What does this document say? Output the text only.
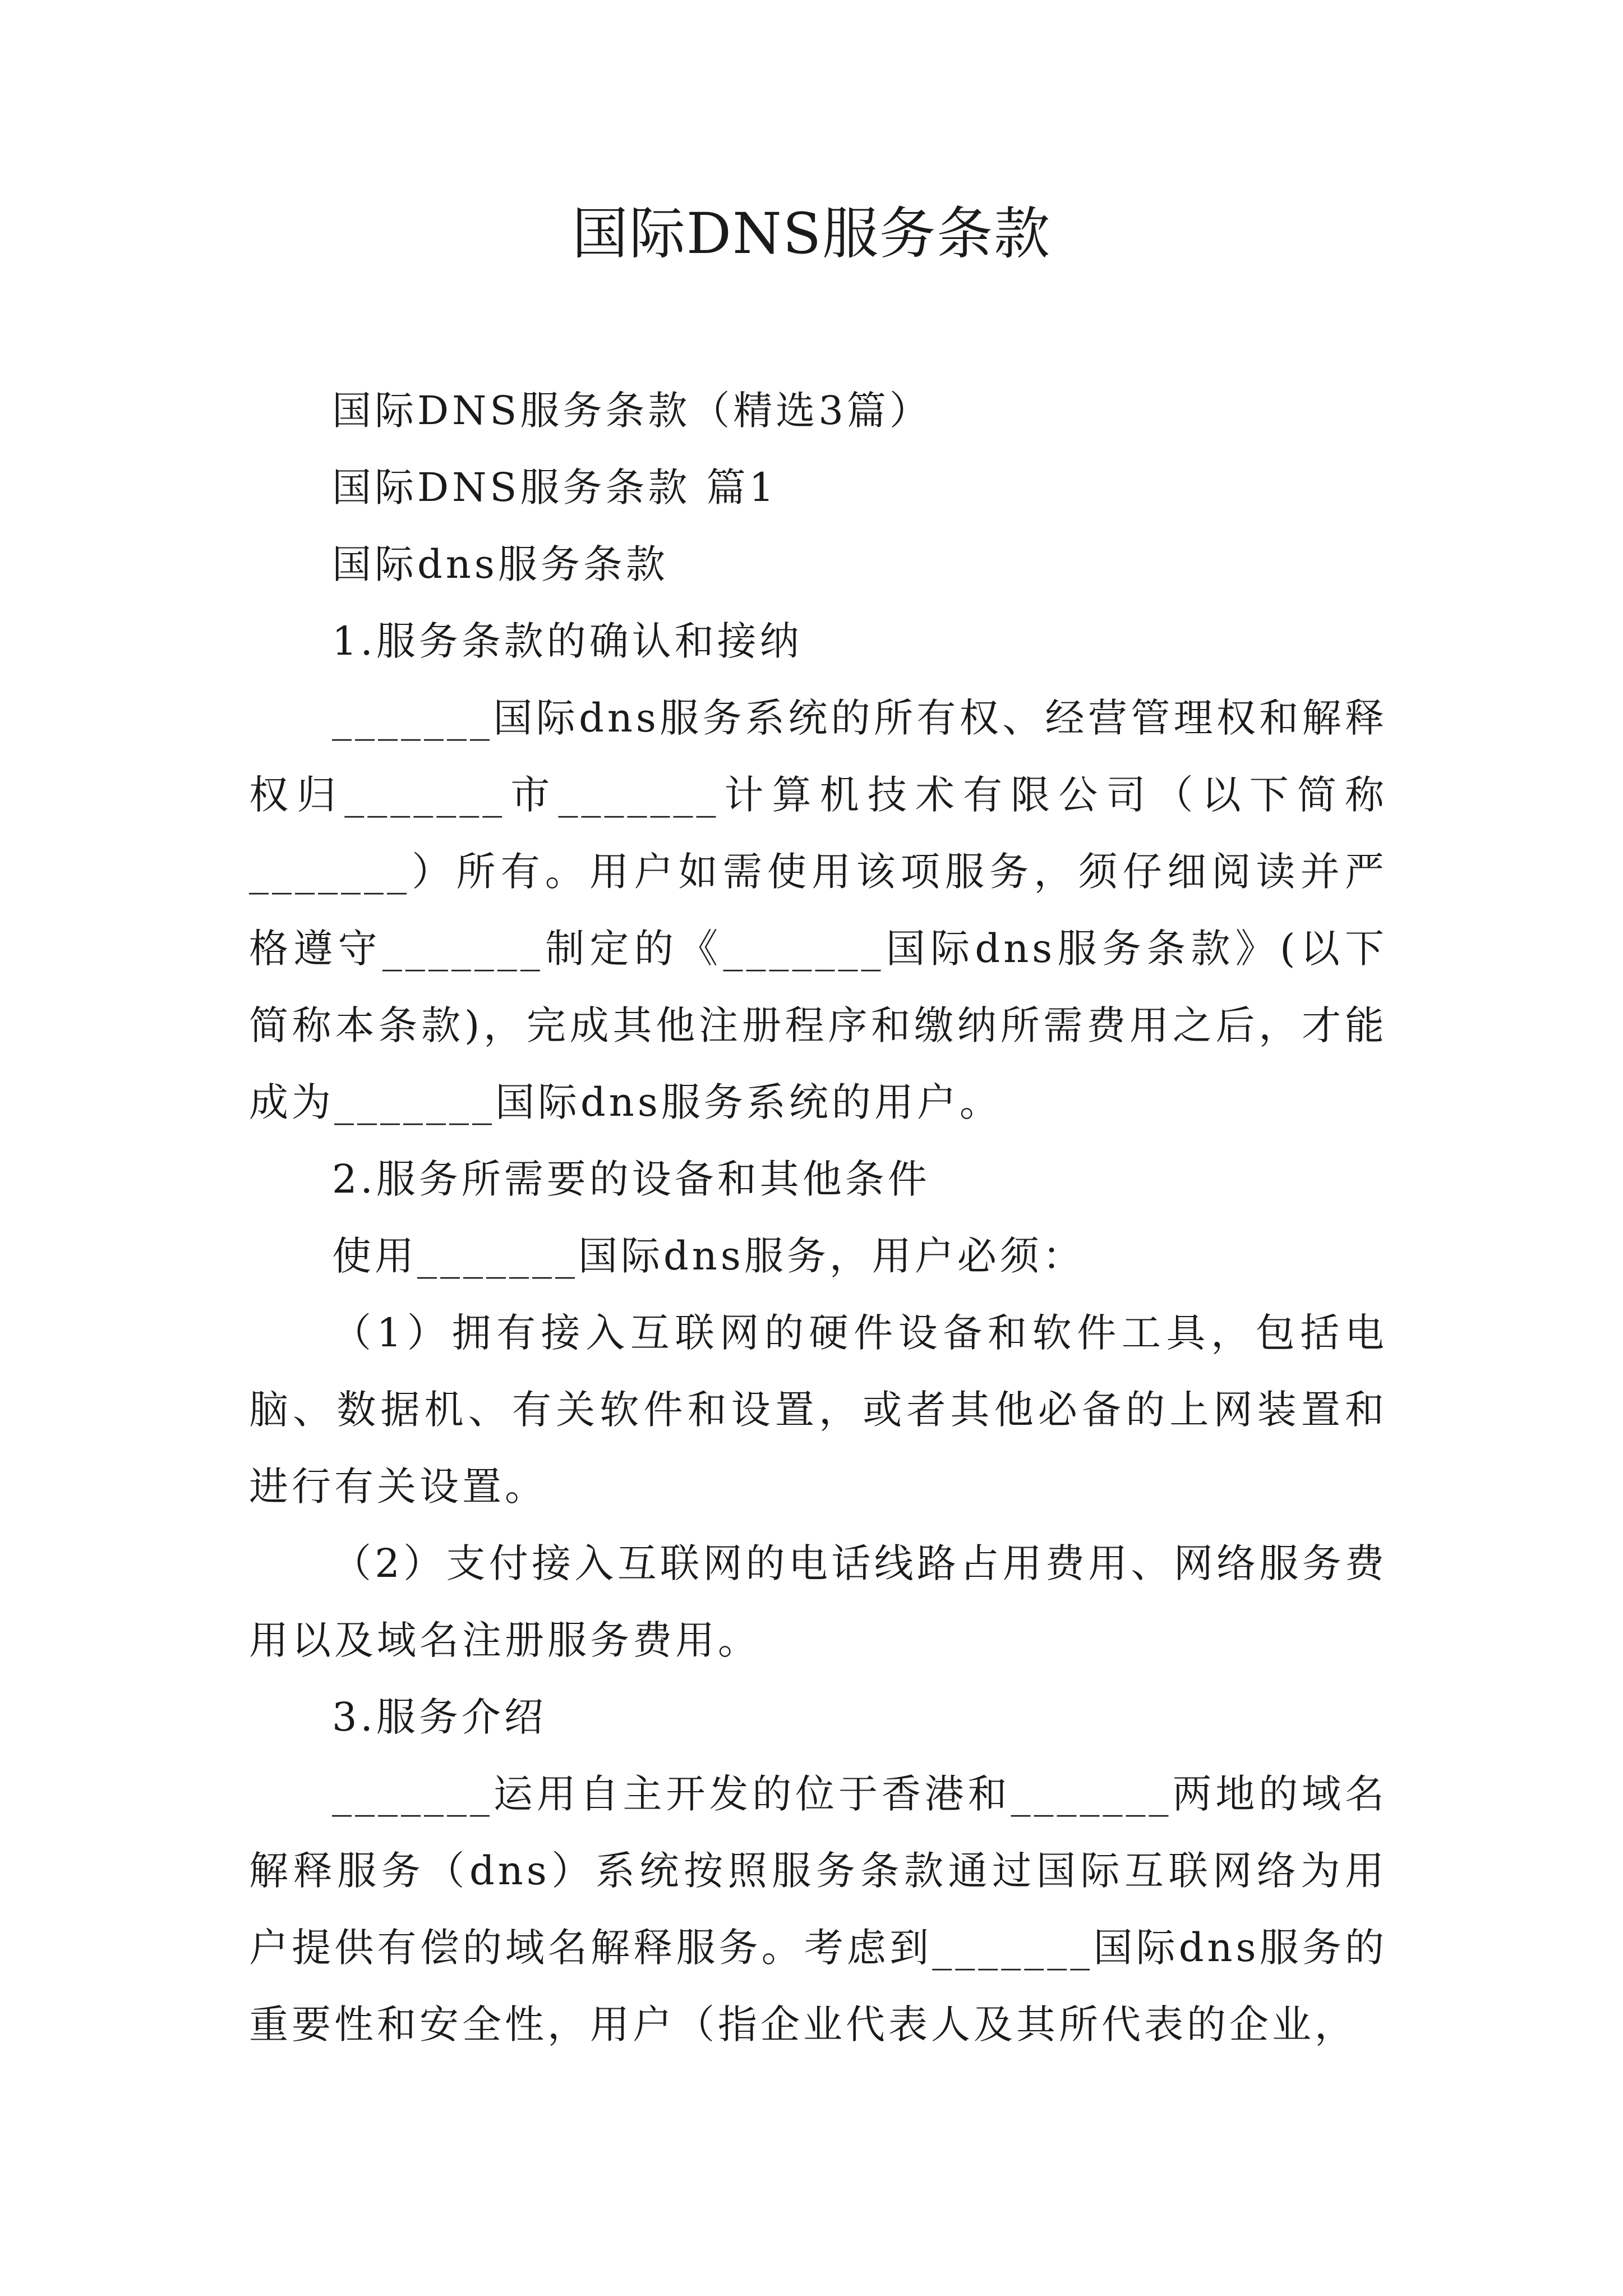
国际DNS服务条款

国际DNS服务条款（精选3篇）

国际DNS服务条款 篇1

国际dns服务条款

1.服务条款的确认和接纳

_______国际dns服务系统的所有权、经营管理权和解释权归_______市_______计算机技术有限公司（以下简称_______）所有。用户如需使用该项服务，须仔细阅读并严格遵守_______制定的《_______国际dns服务条款》(以下简称本条款)，完成其他注册程序和缴纳所需费用之后，才能成为_______国际dns服务系统的用户。

2.服务所需要的设备和其他条件

使用_______国际dns服务，用户必须：

（1）拥有接入互联网的硬件设备和软件工具，包括电脑、数据机、有关软件和设置，或者其他必备的上网装置和进行有关设置。

（2）支付接入互联网的电话线路占用费用、网络服务费用以及域名注册服务费用。

3.服务介绍

_______运用自主开发的位于香港和_______两地的域名解释服务（dns）系统按照服务条款通过国际互联网络为用户提供有偿的域名解释服务。考虑到_______国际dns服务的重要性和安全性，用户（指企业代表人及其所代表的企业，
